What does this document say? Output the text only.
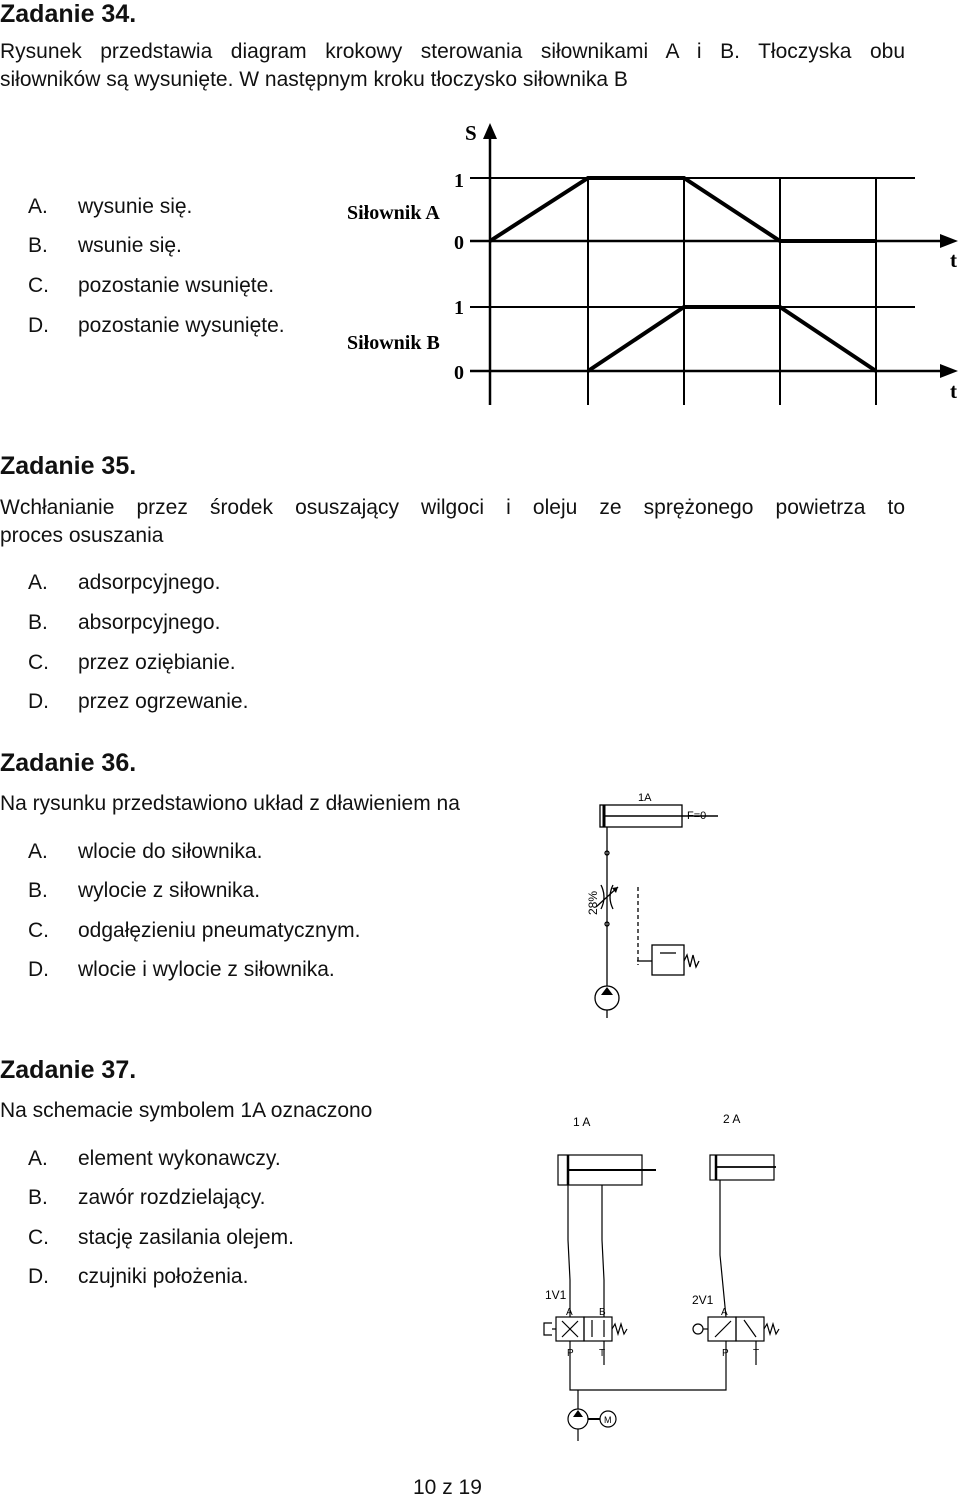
Zadanie 34.
Rysunek przedstawia diagram krokowy sterowania siłownikami A i B. Tłoczyska obu
siłowników są wysunięte. W następnym kroku tłoczysko siłownika B
A. wysunie się.
B. wsunie się.
C. pozostanie wsunięte.
D. pozostanie wysunięte.
S
1
0
1
0
Siłownik A
Siłownik B
t
t
Zadanie 35.
Wchłanianie przez środek osuszający wilgoci i oleju ze sprężonego powietrza to
proces osuszania
A. adsorpcyjnego.
B. absorpcyjnego.
C. przez oziębianie.
D. przez ogrzewanie.
Zadanie 36.
Na rysunku przedstawiono układ z dławieniem na
A. wlocie do siłownika.
B. wylocie z siłownika.
C. odgałęzieniu pneumatycznym.
D. wlocie i wylocie z siłownika.
1A
F=0
28%
Zadanie 37.
Na schemacie symbolem 1A oznaczono
A. element wykonawczy.
B. zawór rozdzielający.
C. stację zasilania olejem.
D. czujniki położenia.
1 A	2 A
1V1	2V1
A	B
P	T
A
P T
M
10 z 19
